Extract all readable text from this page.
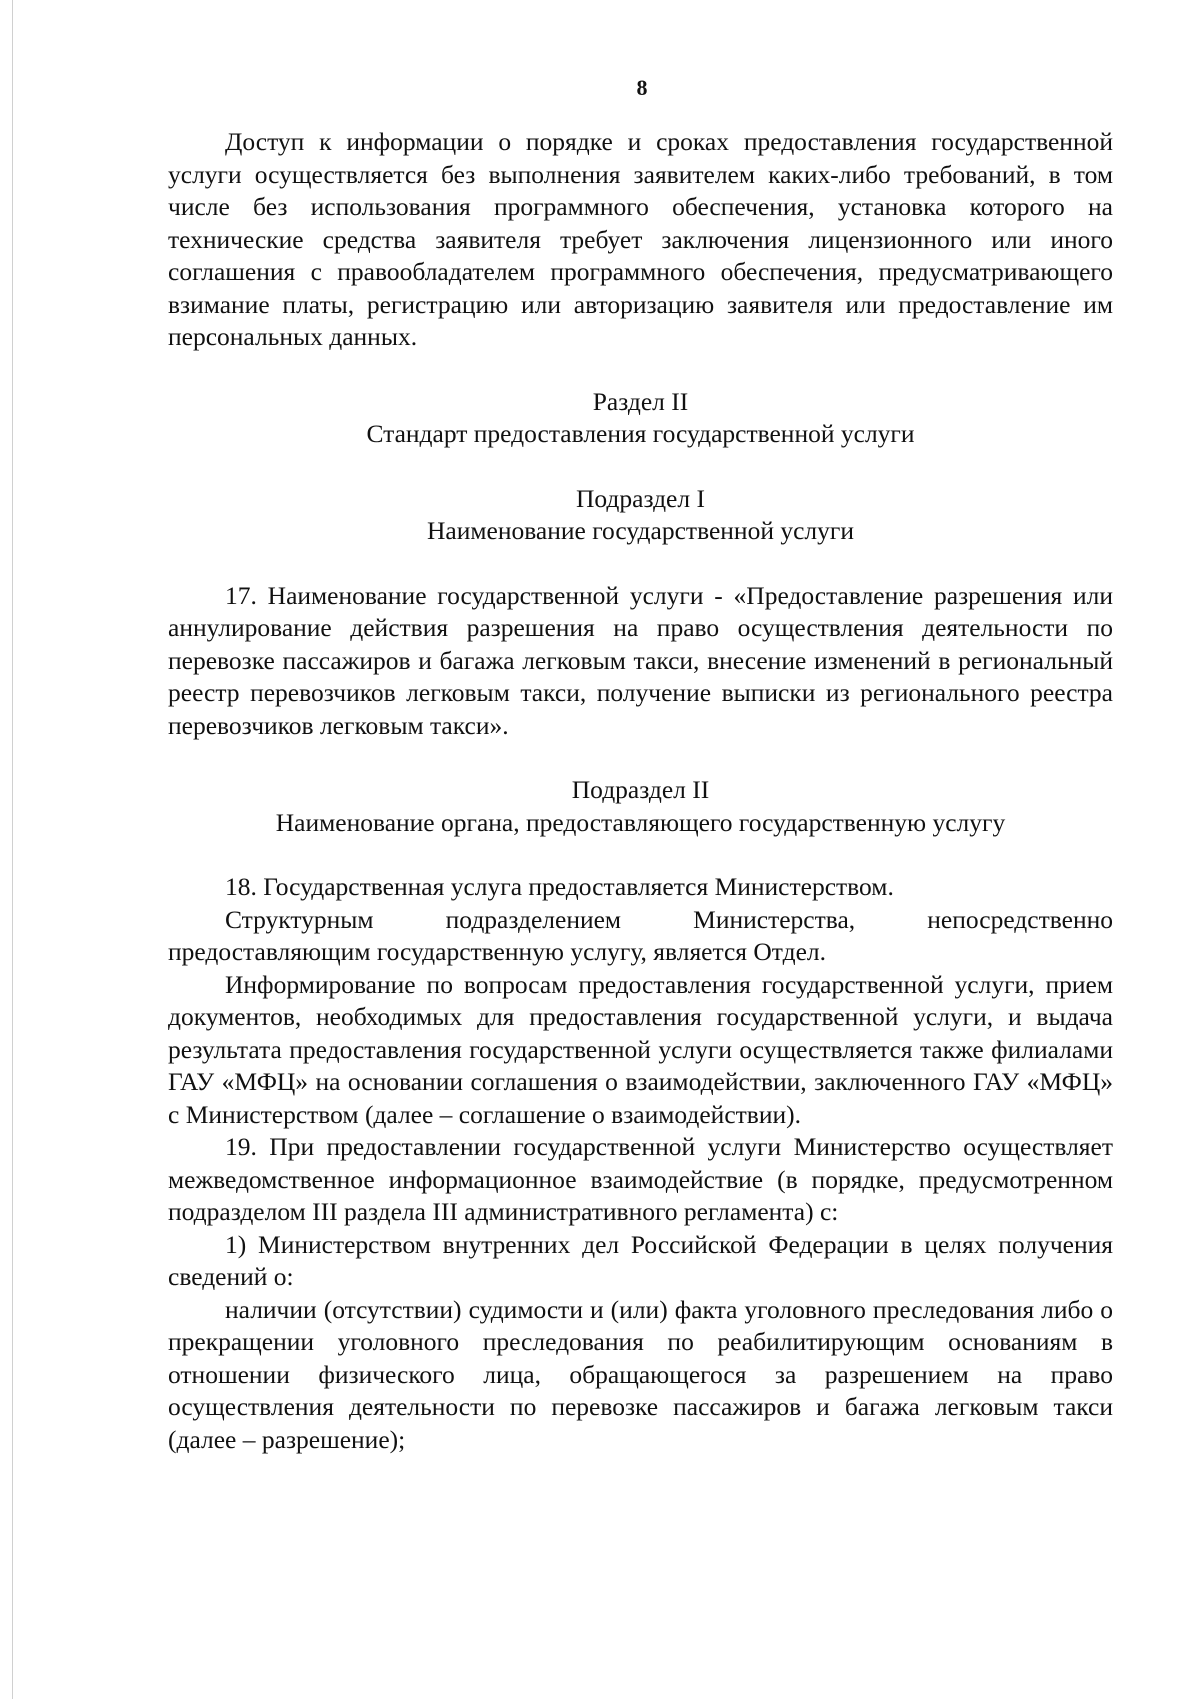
8

Доступ к информации о порядке и сроках предоставления государственной услуги осуществляется без выполнения заявителем каких-либо требований, в том числе без использования программного обеспечения, установка которого на технические средства заявителя требует заключения лицензионного или иного соглашения с правообладателем программного обеспечения, предусматривающего взимание платы, регистрацию или авторизацию заявителя или предоставление им персональных данных.

Раздел II

Стандарт предоставления государственной услуги

Подраздел I

Наименование государственной услуги

17. Наименование государственной услуги - «Предоставление разрешения или аннулирование действия разрешения на право осуществления деятельности по перевозке пассажиров и багажа легковым такси, внесение изменений в региональный реестр перевозчиков легковым такси, получение выписки из регионального реестра перевозчиков легковым такси».

Подраздел II

Наименование органа, предоставляющего государственную услугу

18. Государственная услуга предоставляется Министерством.

Структурным подразделением Министерства, непосредственно предоставляющим государственную услугу, является Отдел.

Информирование по вопросам предоставления государственной услуги, прием документов, необходимых для предоставления государственной услуги, и выдача результата предоставления государственной услуги осуществляется также филиалами ГАУ «МФЦ» на основании соглашения о взаимодействии, заключенного ГАУ «МФЦ» с Министерством (далее – соглашение о взаимодействии).

19. При предоставлении государственной услуги Министерство осуществляет межведомственное информационное взаимодействие (в порядке, предусмотренном подразделом III раздела III административного регламента) с:

1) Министерством внутренних дел Российской Федерации в целях получения сведений о:

наличии (отсутствии) судимости и (или) факта уголовного преследования либо о прекращении уголовного преследования по реабилитирующим основаниям в отношении физического лица, обращающегося за разрешением на право осуществления деятельности по перевозке пассажиров и багажа легковым такси (далее – разрешение);
